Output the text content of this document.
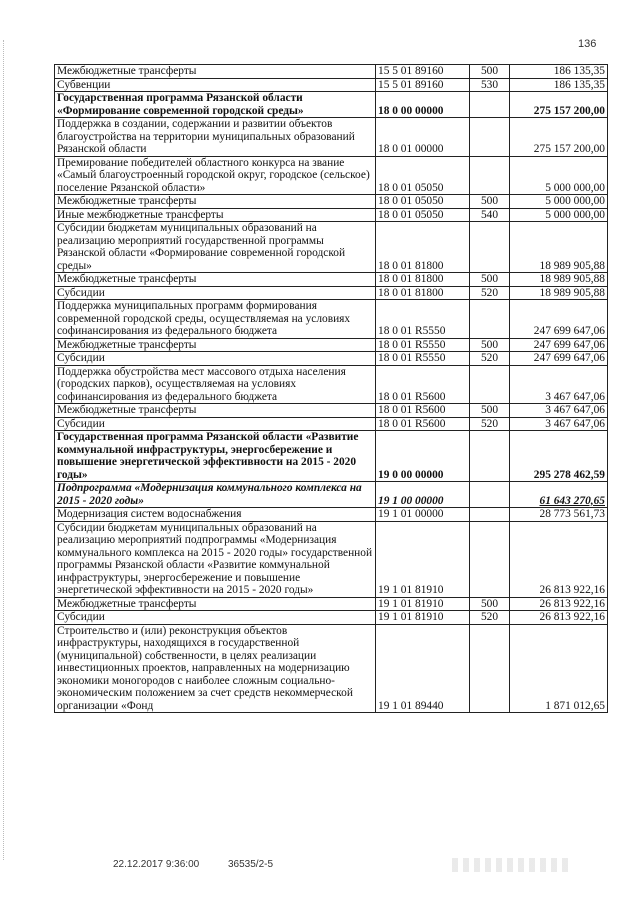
136
Межбюджетные трансферты	15 5 01 89160	500	186 135,35
Субвенции	15 5 01 89160	530	186 135,35
Государственная программа Рязанской области «Формирование современной городской среды»	18 0 00 00000		275 157 200,00
Поддержка в создании, содержании и развитии объектов благоустройства на территории муниципальных образований Рязанской области	18 0 01 00000		275 157 200,00
Премирование победителей областного конкурса на звание «Самый благоустроенный городской округ, городское (сельское) поселение Рязанской области»	18 0 01 05050		5 000 000,00
Межбюджетные трансферты	18 0 01 05050	500	5 000 000,00
Иные межбюджетные трансферты	18 0 01 05050	540	5 000 000,00
Субсидии бюджетам муниципальных образований на реализацию мероприятий государственной программы Рязанской области «Формирование современной городской среды»	18 0 01 81800		18 989 905,88
Межбюджетные трансферты	18 0 01 81800	500	18 989 905,88
Субсидии	18 0 01 81800	520	18 989 905,88
Поддержка муниципальных программ формирования современной городской среды, осуществляемая на условиях софинансирования из федерального бюджета	18 0 01 R5550		247 699 647,06
Межбюджетные трансферты	18 0 01 R5550	500	247 699 647,06
Субсидии	18 0 01 R5550	520	247 699 647,06
Поддержка обустройства мест массового отдыха населения (городских парков), осуществляемая на условиях софинансирования из федерального бюджета	18 0 01 R5600		3 467 647,06
Межбюджетные трансферты	18 0 01 R5600	500	3 467 647,06
Субсидии	18 0 01 R5600	520	3 467 647,06
Государственная программа Рязанской области «Развитие коммунальной инфраструктуры, энергосбережение и повышение энергетической эффективности на 2015 - 2020 годы»	19 0 00 00000		295 278 462,59
Подпрограмма «Модернизация коммунального комплекса на 2015 - 2020 годы»	19 1 00 00000		61 643 270,65
Модернизация систем водоснабжения	19 1 01 00000		28 773 561,73
Субсидии бюджетам муниципальных образований на реализацию мероприятий подпрограммы «Модернизация коммунального комплекса на 2015 - 2020 годы» государственной программы Рязанской области «Развитие коммунальной инфраструктуры, энергосбережение и повышение энергетической эффективности на 2015 - 2020 годы»	19 1 01 81910		26 813 922,16
Межбюджетные трансферты	19 1 01 81910	500	26 813 922,16
Субсидии	19 1 01 81910	520	26 813 922,16
Строительство и (или) реконструкция объектов инфраструктуры, находящихся в государственной (муниципальной) собственности, в целях реализации инвестиционных проектов, направленных на модернизацию экономики моногородов с наиболее сложным социально-экономическим положением за счет средств некоммерческой организации «Фонд	19 1 01 89440		1 871 012,65
22.12.2017 9:36:00	36535/2-5
